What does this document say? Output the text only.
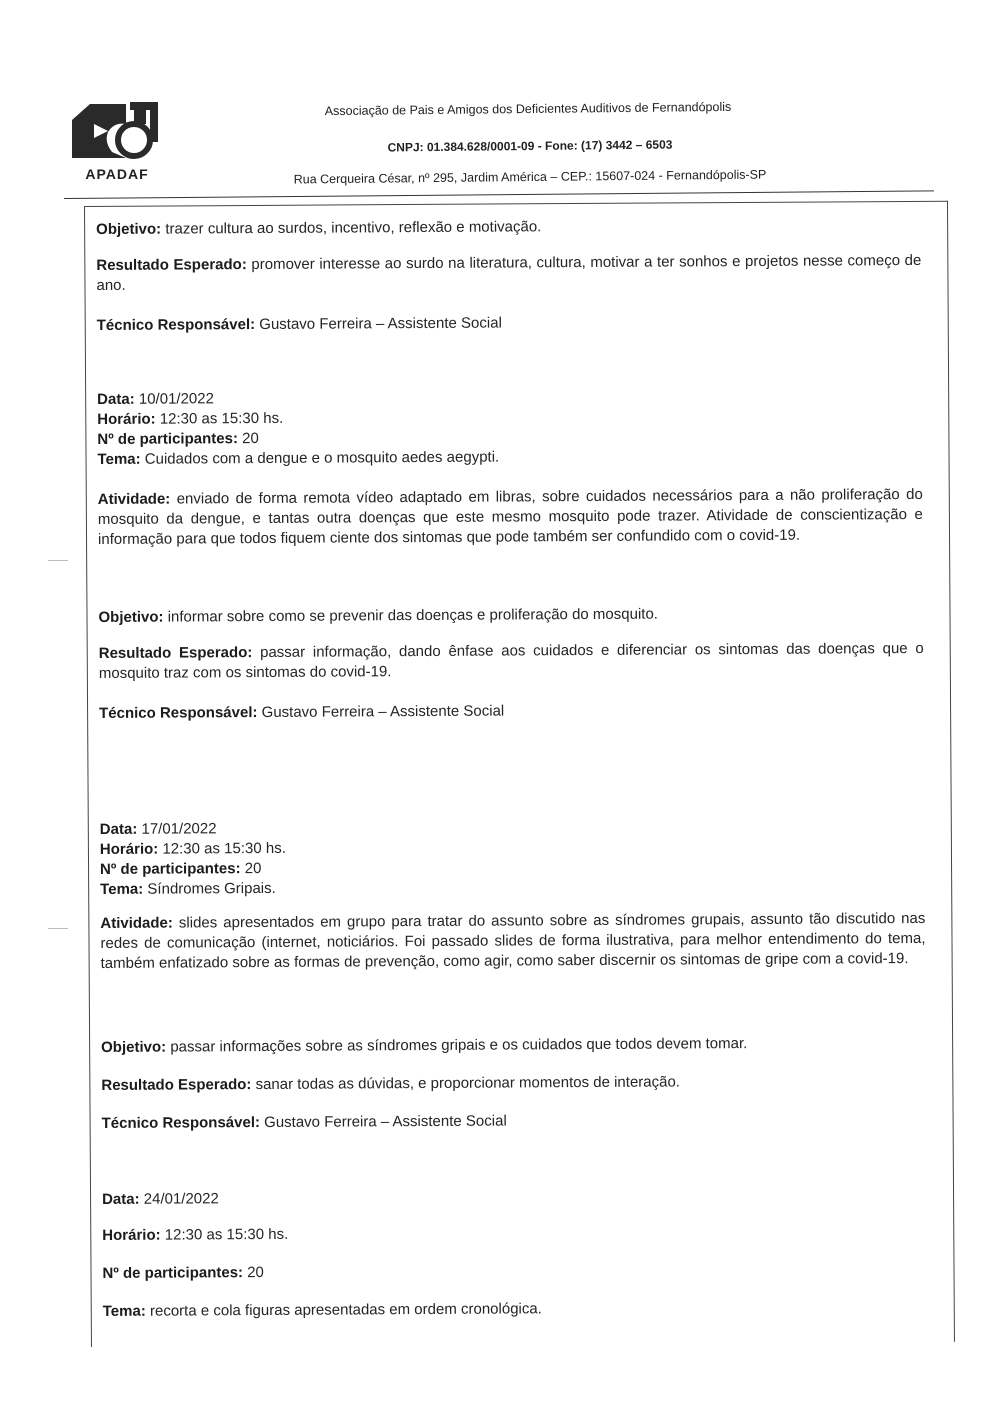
APADAF
Associação de Pais e Amigos dos Deficientes Auditivos de Fernandópolis
CNPJ: 01.384.628/0001-09 - Fone: (17) 3442 – 6503
Rua Cerqueira César, nº 295, Jardim América – CEP.: 15607-024 - Fernandópolis-SP
Objetivo: trazer cultura ao surdos, incentivo, reflexão e motivação.
Resultado Esperado: promover interesse ao surdo na literatura, cultura, motivar a ter sonhos e projetos nesse começo de ano.
Técnico Responsável: Gustavo Ferreira – Assistente Social
Data: 10/01/2022
Horário: 12:30 as 15:30 hs.
Nº de participantes: 20
Tema: Cuidados com a dengue e o mosquito aedes aegypti.
Atividade: enviado de forma remota vídeo adaptado em libras, sobre cuidados necessários para a não proliferação do mosquito da dengue, e tantas outra doenças que este mesmo mosquito pode trazer. Atividade de conscientização e informação para que todos fiquem ciente dos sintomas que pode também ser confundido com o covid-19.
Objetivo: informar sobre como se prevenir das doenças e proliferação do mosquito.
Resultado Esperado: passar informação, dando ênfase aos cuidados e diferenciar os sintomas das doenças que o mosquito traz com os sintomas do covid-19.
Técnico Responsável: Gustavo Ferreira – Assistente Social
Data: 17/01/2022
Horário: 12:30 as 15:30 hs.
Nº de participantes: 20
Tema: Síndromes Gripais.
Atividade: slides apresentados em grupo para tratar do assunto sobre as síndromes grupais, assunto tão discutido nas redes de comunicação (internet, noticiários. Foi passado slides de forma ilustrativa, para melhor entendimento do tema, também enfatizado sobre as formas de prevenção, como agir, como saber discernir os sintomas de gripe com a covid-19.
Objetivo: passar informações sobre as síndromes gripais e os cuidados que todos devem tomar.
Resultado Esperado: sanar todas as dúvidas, e proporcionar momentos de interação.
Técnico Responsável: Gustavo Ferreira – Assistente Social
Data: 24/01/2022
Horário: 12:30 as 15:30 hs.
Nº de participantes: 20
Tema: recorta e cola figuras apresentadas em ordem cronológica.
